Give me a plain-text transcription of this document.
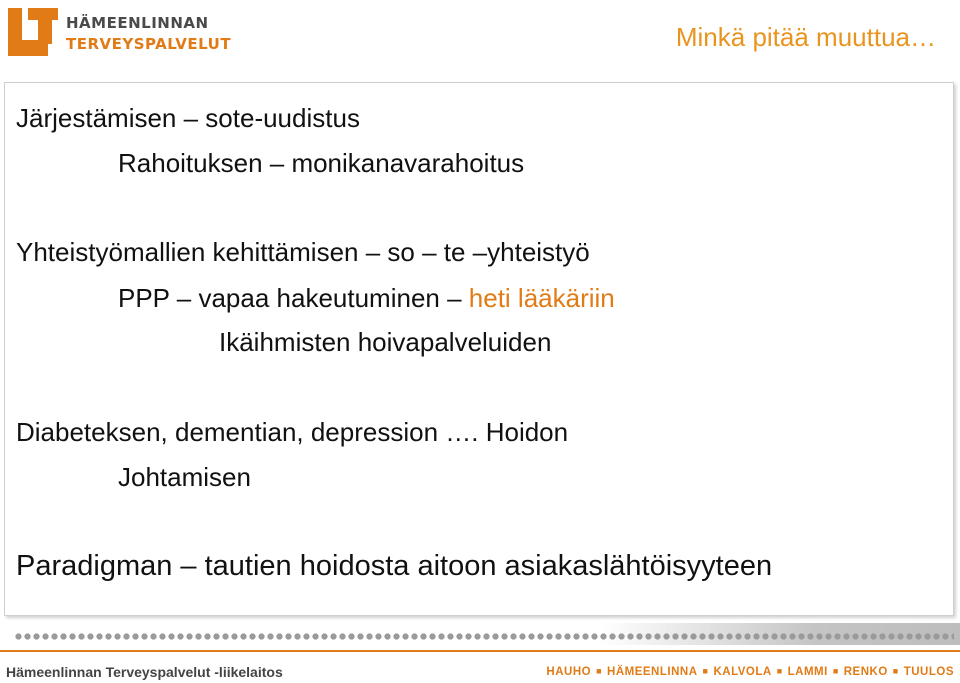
HÄMEENLINNAN
TERVEYSPALVELUT	Minkä pitää muuttua…
Järjestämisen – sote-uudistus
Rahoituksen – monikanavarahoitus
Yhteistyömallien kehittämisen – so – te –yhteistyö
PPP – vapaa hakeutuminen – heti lääkäriin
Ikäihmisten hoivapalveluiden
Diabeteksen, dementian, depression …. Hoidon
Johtamisen
Paradigman – tautien hoidosta aitoon asiakaslähtöisyyteen
Hämeenlinnan Terveyspalvelut -liikelaitos	HAUHO ■ HÄMEENLINNA ■ KALVOLA ■ LAMMI ■ RENKO ■ TUULOS
